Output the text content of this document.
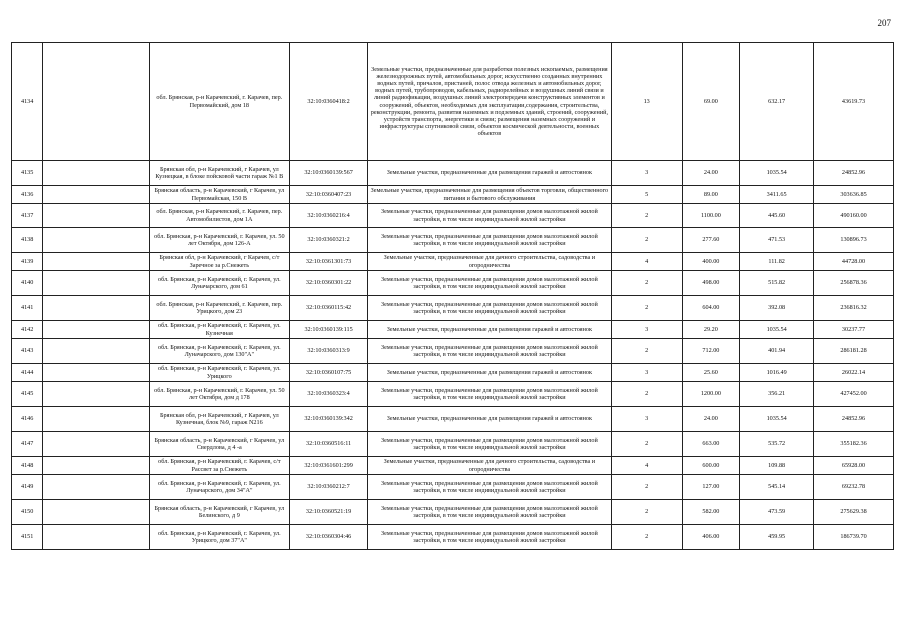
207
4134		обл. Брянская, р-н Карачевский, г. Карачев, пер. Первомайский, дом 18	32:10:0360418:2	Земельные участки, предназначенные для разработки полезных ископаемых, размещения железнодорожных путей, автомобильных дорог, искусственно созданных внутренних водных путей, причалов, пристаней, полос отвода железных и автомобильных дорог, водных путей, трубопроводов, кабельных, радиорелейных и воздушных линий связи и линий радиофикации, воздушных линий электропередачи конструктивных элементов и сооружений, объектов, необходимых для эксплуатации,содержания, строительства, реконструкции, ремонта, развития наземных и подземных зданий, строений, сооружений, устройств транспорта, энергетики и связи; размещения наземных сооружений и инфраструктуры спутниковой связи, объектов космической деятельности, военных объектов	13	69.00	632.17	43619.73
4135		Брянская обл, р-н Карачевский, г Карачев, ул Кузнецкая, в блоке пойсковой части гараж №1 В	32:10:0360139:567	Земельные участки, предназначенные для размещения гаражей и автостоянок	3	24.00	1035.54	24852.96
4136		Брянская область, р-н Карачевский, г Карачев, ул Первомайская, 150 В	32:10:0360407:23	Земельные участки, предназначенные для размещения объектов торговли, общественного питания и бытового обслуживания	5	89.00	3411.65	303636.85
4137		обл. Брянская, р-н Карачевский, г. Карачев, пер. Автомобилистов, дом 1А	32:10:0360216:4	Земельные участки, предназначенные для размещения домов малоэтажной жилой застройки, в том числе индивидуальной жилой застройки	2	1100.00	445.60	490160.00
4138		обл. Брянская, р-н Карачевский, г. Карачев, ул. 50 лет Октября, дом 126-А	32:10:0360321:2	Земельные участки, предназначенные для размещения домов малоэтажной жилой застройки, в том числе индивидуальной жилой застройки	2	277.60	471.53	130896.73
4139		Брянская обл, р-н Карачевский, г Карачев, с/т Заречное за р.Снежеть	32:10:0361301:73	Земельные участки, предназначенные для дачного строительства, садоводства и огородничества	4	400.00	111.82	44728.00
4140		обл. Брянская, р-н Карачевский, г. Карачев, ул. Луначарского, дом 61	32:10:0360301:22	Земельные участки, предназначенные для размещения домов малоэтажной жилой застройки, в том числе индивидуальной жилой застройки	2	498.00	515.82	256878.36
4141		обл. Брянская, р-н Карачевский, г. Карачев, пер. Урицкого, дом 23	32:10:0360115:42	Земельные участки, предназначенные для размещения домов малоэтажной жилой застройки, в том числе индивидуальной жилой застройки	2	604.00	392.08	236816.32
4142		обл. Брянская, р-н Карачевский, г. Карачев, ул. Кузнечная	32:10:0360139:115	Земельные участки, предназначенные для размещения гаражей и автостоянок	3	29.20	1035.54	30237.77
4143		обл. Брянская, р-н Карачевский, г. Карачев, ул. Луначарского, дом 130"А"	32:10:0360313:9	Земельные участки, предназначенные для размещения домов малоэтажной жилой застройки, в том числе индивидуальной жилой застройки	2	712.00	401.94	286181.28
4144		обл. Брянская, р-н Карачевский, г. Карачев, ул. Урицкого	32:10:0360107:75	Земельные участки, предназначенные для размещения гаражей и автостоянок	3	25.60	1016.49	26022.14
4145		обл. Брянская, р-н Карачевский, г. Карачев, ул. 50 лет Октября, дом д 178	32:10:0360323:4	Земельные участки, предназначенные для размещения домов малоэтажной жилой застройки, в том числе индивидуальной жилой застройки	2	1200.00	356.21	427452.00
4146		Брянская обл, р-н Карачевский, г Карачев, ул Кузнечная, блок №9, гараж N216	32:10:0360139:342	Земельные участки, предназначенные для размещения гаражей и автостоянок	3	24.00	1035.54	24852.96
4147		Брянская область, р-н Карачевский, г Карачев, ул Свердлова, д 4 -а	32:10:0360516:11	Земельные участки, предназначенные для размещения домов малоэтажной жилой застройки, в том числе индивидуальной жилой застройки	2	663.00	535.72	355182.36
4148		обл. Брянская, р-н Карачевский, г. Карачев, с/т Рассвет за р.Снежеть	32:10:0361601:299	Земельные участки, предназначенные для дачного строительства, садоводства и огородничества	4	600.00	109.88	65928.00
4149		обл. Брянская, р-н Карачевский, г. Карачев, ул. Луначарского, дом 34"А"	32:10:0360212:7	Земельные участки, предназначенные для размещения домов малоэтажной жилой застройки, в том числе индивидуальной жилой застройки	2	127.00	545.14	69232.78
4150		Брянская область, р-н Карачевский, г Карачев, ул Белинского, д 9	32:10:0360521:19	Земельные участки, предназначенные для размещения домов малоэтажной жилой застройки, в том числе индивидуальной жилой застройки	2	582.00	473.59	275629.38
4151		обл. Брянская, р-н Карачевский, г. Карачев, ул. Урицкого, дом 37"А"	32:10:0360304:46	Земельные участки, предназначенные для размещения домов малоэтажной жилой застройки, в том числе индивидуальной жилой застройки	2	406.00	459.95	186739.70
